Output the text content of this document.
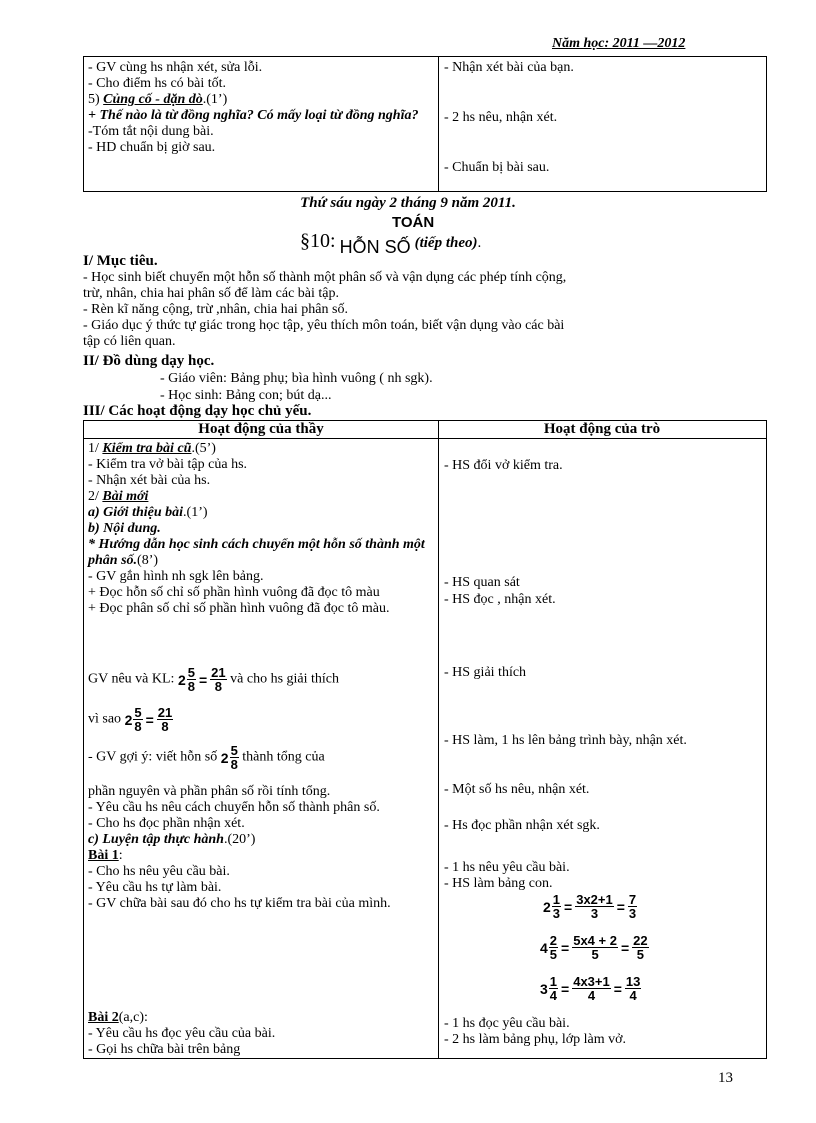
Năm học: 2011 —2012
- GV cùng hs nhận xét, sửa lỗi.
- Cho điểm hs có bài tốt.
5) Củng cố - dặn dò.(1’)
+ Thế nào là từ đồng nghĩa? Có mấy loại từ đồng nghĩa?
-Tóm tắt nội dung bài.
- HD chuẩn bị giờ sau.
- Nhận xét bài của bạn.
- 2 hs nêu, nhận xét.
- Chuẩn bị bài sau.
Thứ sáu ngày 2 tháng 9 năm 2011.
TOÁN
§10: HỖN SỐ (tiếp theo).
I/ Mục tiêu.
- Học sinh biết chuyển một hỗn số thành một phân số và vận dụng các phép tính cộng,
trừ, nhân, chia hai phân số để làm các bài tập.
- Rèn kĩ năng cộng, trừ ,nhân, chia hai phân số.
- Giáo dục ý thức tự giác trong học tập, yêu thích môn toán, biết vận dụng vào các bài
tập có liên quan.
II/ Đồ dùng dạy học.
- Giáo viên: Bảng phụ; bìa hình vuông ( nh sgk).
- Học sinh: Bảng con; bút dạ...
III/ Các hoạt động dạy học chủ yếu.
Hoạt động của thầy	Hoạt động của trò
1/ Kiểm tra bài cũ.(5’)
- Kiểm tra vở bài tập của hs.
- Nhận xét bài của hs.
2/ Bài mới
a) Giới thiệu bài.(1’)
b) Nội dung.
* Hướng dẫn học sinh cách chuyển một hỗn số thành một phân số.(8’)
- GV gắn hình nh sgk lên bảng.
+ Đọc hỗn số chỉ số phần hình vuông đã đọc tô màu
+ Đọc phân số chỉ số phần hình vuông đã đọc tô màu.
GV nêu và KL: $2 \frac{5}{8} = \frac{21}{8}$ và cho hs giải thích
vì sao $2 \frac{5}{8} = \frac{21}{8}$
- GV gợi ý: viết hỗn số 2 5
8 thành tổng của
phần nguyên và phần phân số rồi tính tổng.
- Yêu cầu hs nêu cách chuyển hỗn số thành phân số.
- Cho hs đọc phần nhận xét.
c) Luyện tập thực hành.(20’)
Bài 1:
- Cho hs nêu yêu cầu bài.
- Yêu cầu hs tự làm bài.
- GV chữa bài sau đó cho hs tự kiểm tra bài của mình.
Bài 2(a,c):
- Yêu cầu hs đọc yêu cầu của bài.
- Gọi hs chữa bài trên bảng
- HS đổi vở kiểm tra.
- HS quan sát
- HS đọc , nhận xét.
- HS giải thích
- HS làm, 1 hs lên bảng trình bày, nhận xét.
- Một số hs nêu, nhận xét.
- Hs đọc phần nhận xét sgk.
- 1 hs nêu yêu cầu bài.
- HS làm bảng con.
$2 \frac{1}{3} = \frac{3x2+1}{3} = \frac{7}{3}$
$4 \frac{2}{5} = \frac{5x4 + 2}{5} = \frac{22}{5}$
$3 \frac{1}{4} = \frac{4x3+1}{4} = \frac{13}{4}$
- 1 hs đọc yêu cầu bài.
- 2 hs làm bảng phụ, lớp làm vở.
13
